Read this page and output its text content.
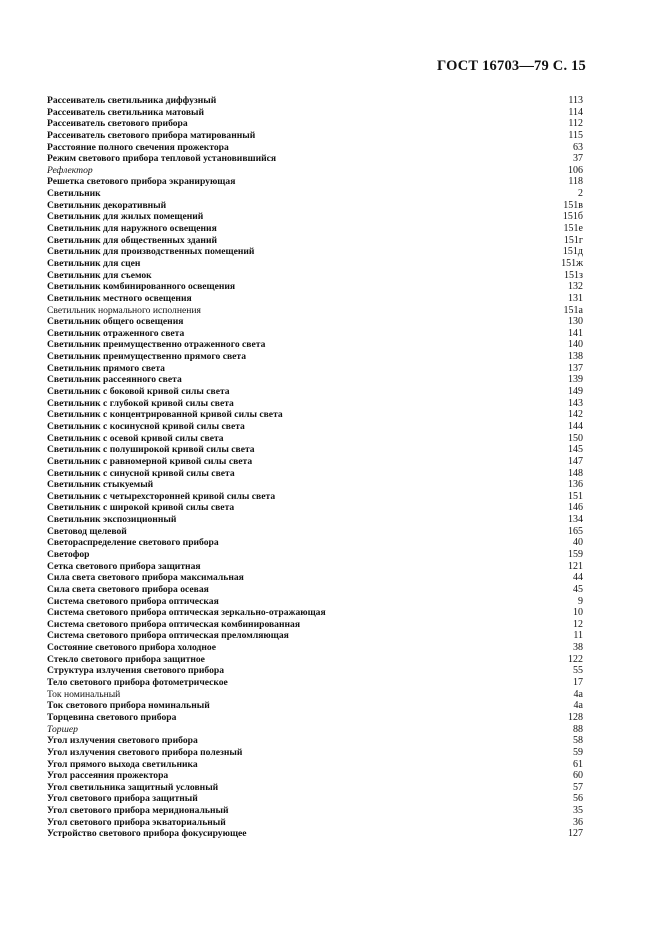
ГОСТ 16703—79 С. 15
Рассеиватель светильника диффузный	113
Рассеиватель светильника матовый	114
Рассеиватель светового прибора	112
Рассеиватель светового прибора матированный	115
Расстояние полного свечения прожектора	63
Режим светового прибора тепловой установившийся	37
Рефлектор	106
Решетка светового прибора экранирующая	118
Светильник	2
Светильник декоративный	151в
Светильник для жилых помещений	151б
Светильник для наружного освещения	151е
Светильник для общественных зданий	151г
Светильник для производственных помещений	151д
Светильник для сцен	151ж
Светильник для съемок	151з
Светильник комбинированного освещения	132
Светильник местного освещения	131
Светильник нормального исполнения	151а
Светильник общего освещения	130
Светильник отраженного света	141
Светильник преимущественно отраженного света	140
Светильник преимущественно прямого света	138
Светильник прямого света	137
Светильник рассеянного света	139
Светильник с боковой кривой силы света	149
Светильник с глубокой кривой силы света	143
Светильник с концентрированной кривой силы света	142
Светильник с косинусной кривой силы света	144
Светильник с осевой кривой силы света	150
Светильник с полуширокой кривой силы света	145
Светильник с равномерной кривой силы света	147
Светильник с синусной кривой силы света	148
Светильник стыкуемый	136
Светильник с четырехсторонней кривой силы света	151
Светильник с широкой кривой силы света	146
Светильник экспозиционный	134
Световод щелевой	165
Светораспределение светового прибора	40
Светофор	159
Сетка светового прибора защитная	121
Сила света светового прибора максимальная	44
Сила света светового прибора осевая	45
Система светового прибора оптическая	9
Система светового прибора оптическая зеркально-отражающая	10
Система светового прибора оптическая комбинированная	12
Система светового прибора оптическая преломляющая	11
Состояние светового прибора холодное	38
Стекло светового прибора защитное	122
Структура излучения светового прибора	55
Тело светового прибора фотометрическое	17
Ток номинальный	4а
Ток светового прибора номинальный	4а
Торцевина светового прибора	128
Торшер	88
Угол излучения светового прибора	58
Угол излучения светового прибора полезный	59
Угол прямого выхода светильника	61
Угол рассеяния прожектора	60
Угол светильника защитный условный	57
Угол светового прибора защитный	56
Угол светового прибора меридиональный	35
Угол светового прибора экваториальный	36
Устройство светового прибора фокусирующее	127
